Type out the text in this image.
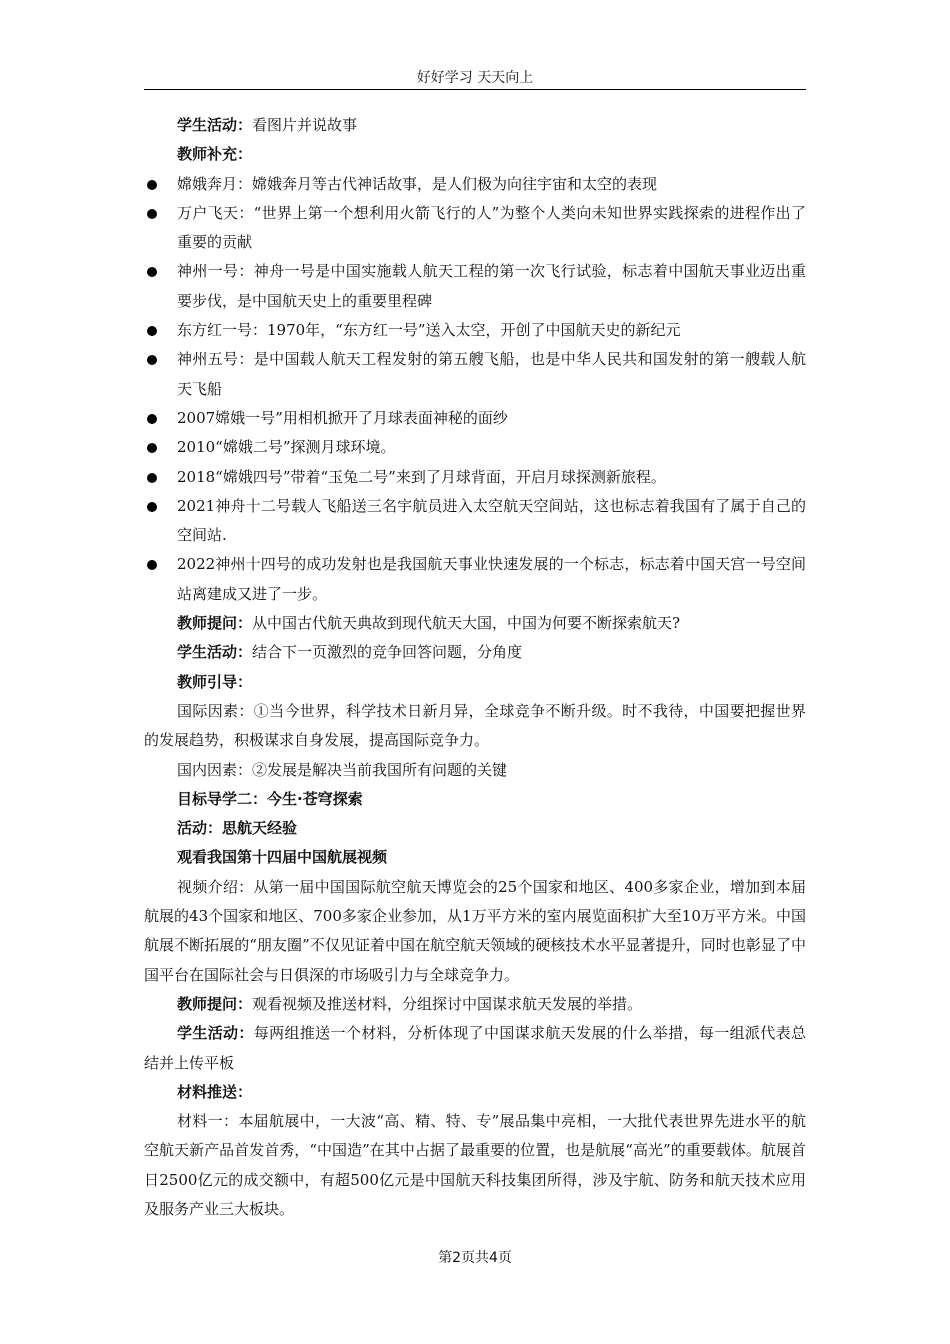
好好学习 天天向上
学生活动：看图片并说故事
教师补充：
嫦娥奔月：嫦娥奔月等古代神话故事，是人们极为向往宇宙和太空的表现
万户飞天：“世界上第一个想利用火箭飞行的人”为整个人类向未知世界实践探索的进程作出了重要的贡献
神州一号：神舟一号是中国实施载人航天工程的第一次飞行试验，标志着中国航天事业迈出重要步伐，是中国航天史上的重要里程碑
东方红一号：1970年，“东方红一号”送入太空，开创了中国航天史的新纪元
神州五号：是中国载人航天工程发射的第五艘飞船，也是中华人民共和国发射的第一艘载人航天飞船
2007嫦娥一号”用相机掀开了月球表面神秘的面纱
2010“嫦娥二号”探测月球环境。
2018“嫦娥四号”带着“玉兔二号”来到了月球背面，开启月球探测新旅程。
2021神舟十二号载人飞船送三名宇航员进入太空航天空间站，这也标志着我国有了属于自己的空间站.
2022神州十四号的成功发射也是我国航天事业快速发展的一个标志，标志着中国天宫一号空间站离建成又进了一步。
教师提问：从中国古代航天典故到现代航天大国，中国为何要不断探索航天?
学生活动：结合下一页激烈的竞争回答问题，分角度
教师引导：

国际因素：①当今世界，科学技术日新月异，全球竞争不断升级。时不我待，中国要把握世界的发展趋势，积极谋求自身发展，提高国际竞争力。

国内因素：②发展是解决当前我国所有问题的关键

目标导学二：今生·苍穹探索
活动：思航天经验
观看我国第十四届中国航展视频

视频介绍：从第一届中国国际航空航天博览会的25个国家和地区、400多家企业，增加到本届航展的43个国家和地区、700多家企业参加，从1万平方米的室内展览面积扩大至10万平方米。中国航展不断拓展的“朋友圈”不仅见证着中国在航空航天领域的硬核技术水平显著提升，同时也彰显了中国平台在国际社会与日俱深的市场吸引力与全球竞争力。

教师提问：观看视频及推送材料，分组探讨中国谋求航天发展的举措。

学生活动：每两组推送一个材料，分析体现了中国谋求航天发展的什么举措，每一组派代表总结并上传平板

材料推送：

材料一：本届航展中，一大波“高、精、特、专”展品集中亮相，一大批代表世界先进水平的航空航天新产品首发首秀，“中国造”在其中占据了最重要的位置，也是航展“高光”的重要载体。航展首日2500亿元的成交额中，有超500亿元是中国航天科技集团所得，涉及宇航、防务和航天技术应用及服务产业三大板块。

第2页共4页
